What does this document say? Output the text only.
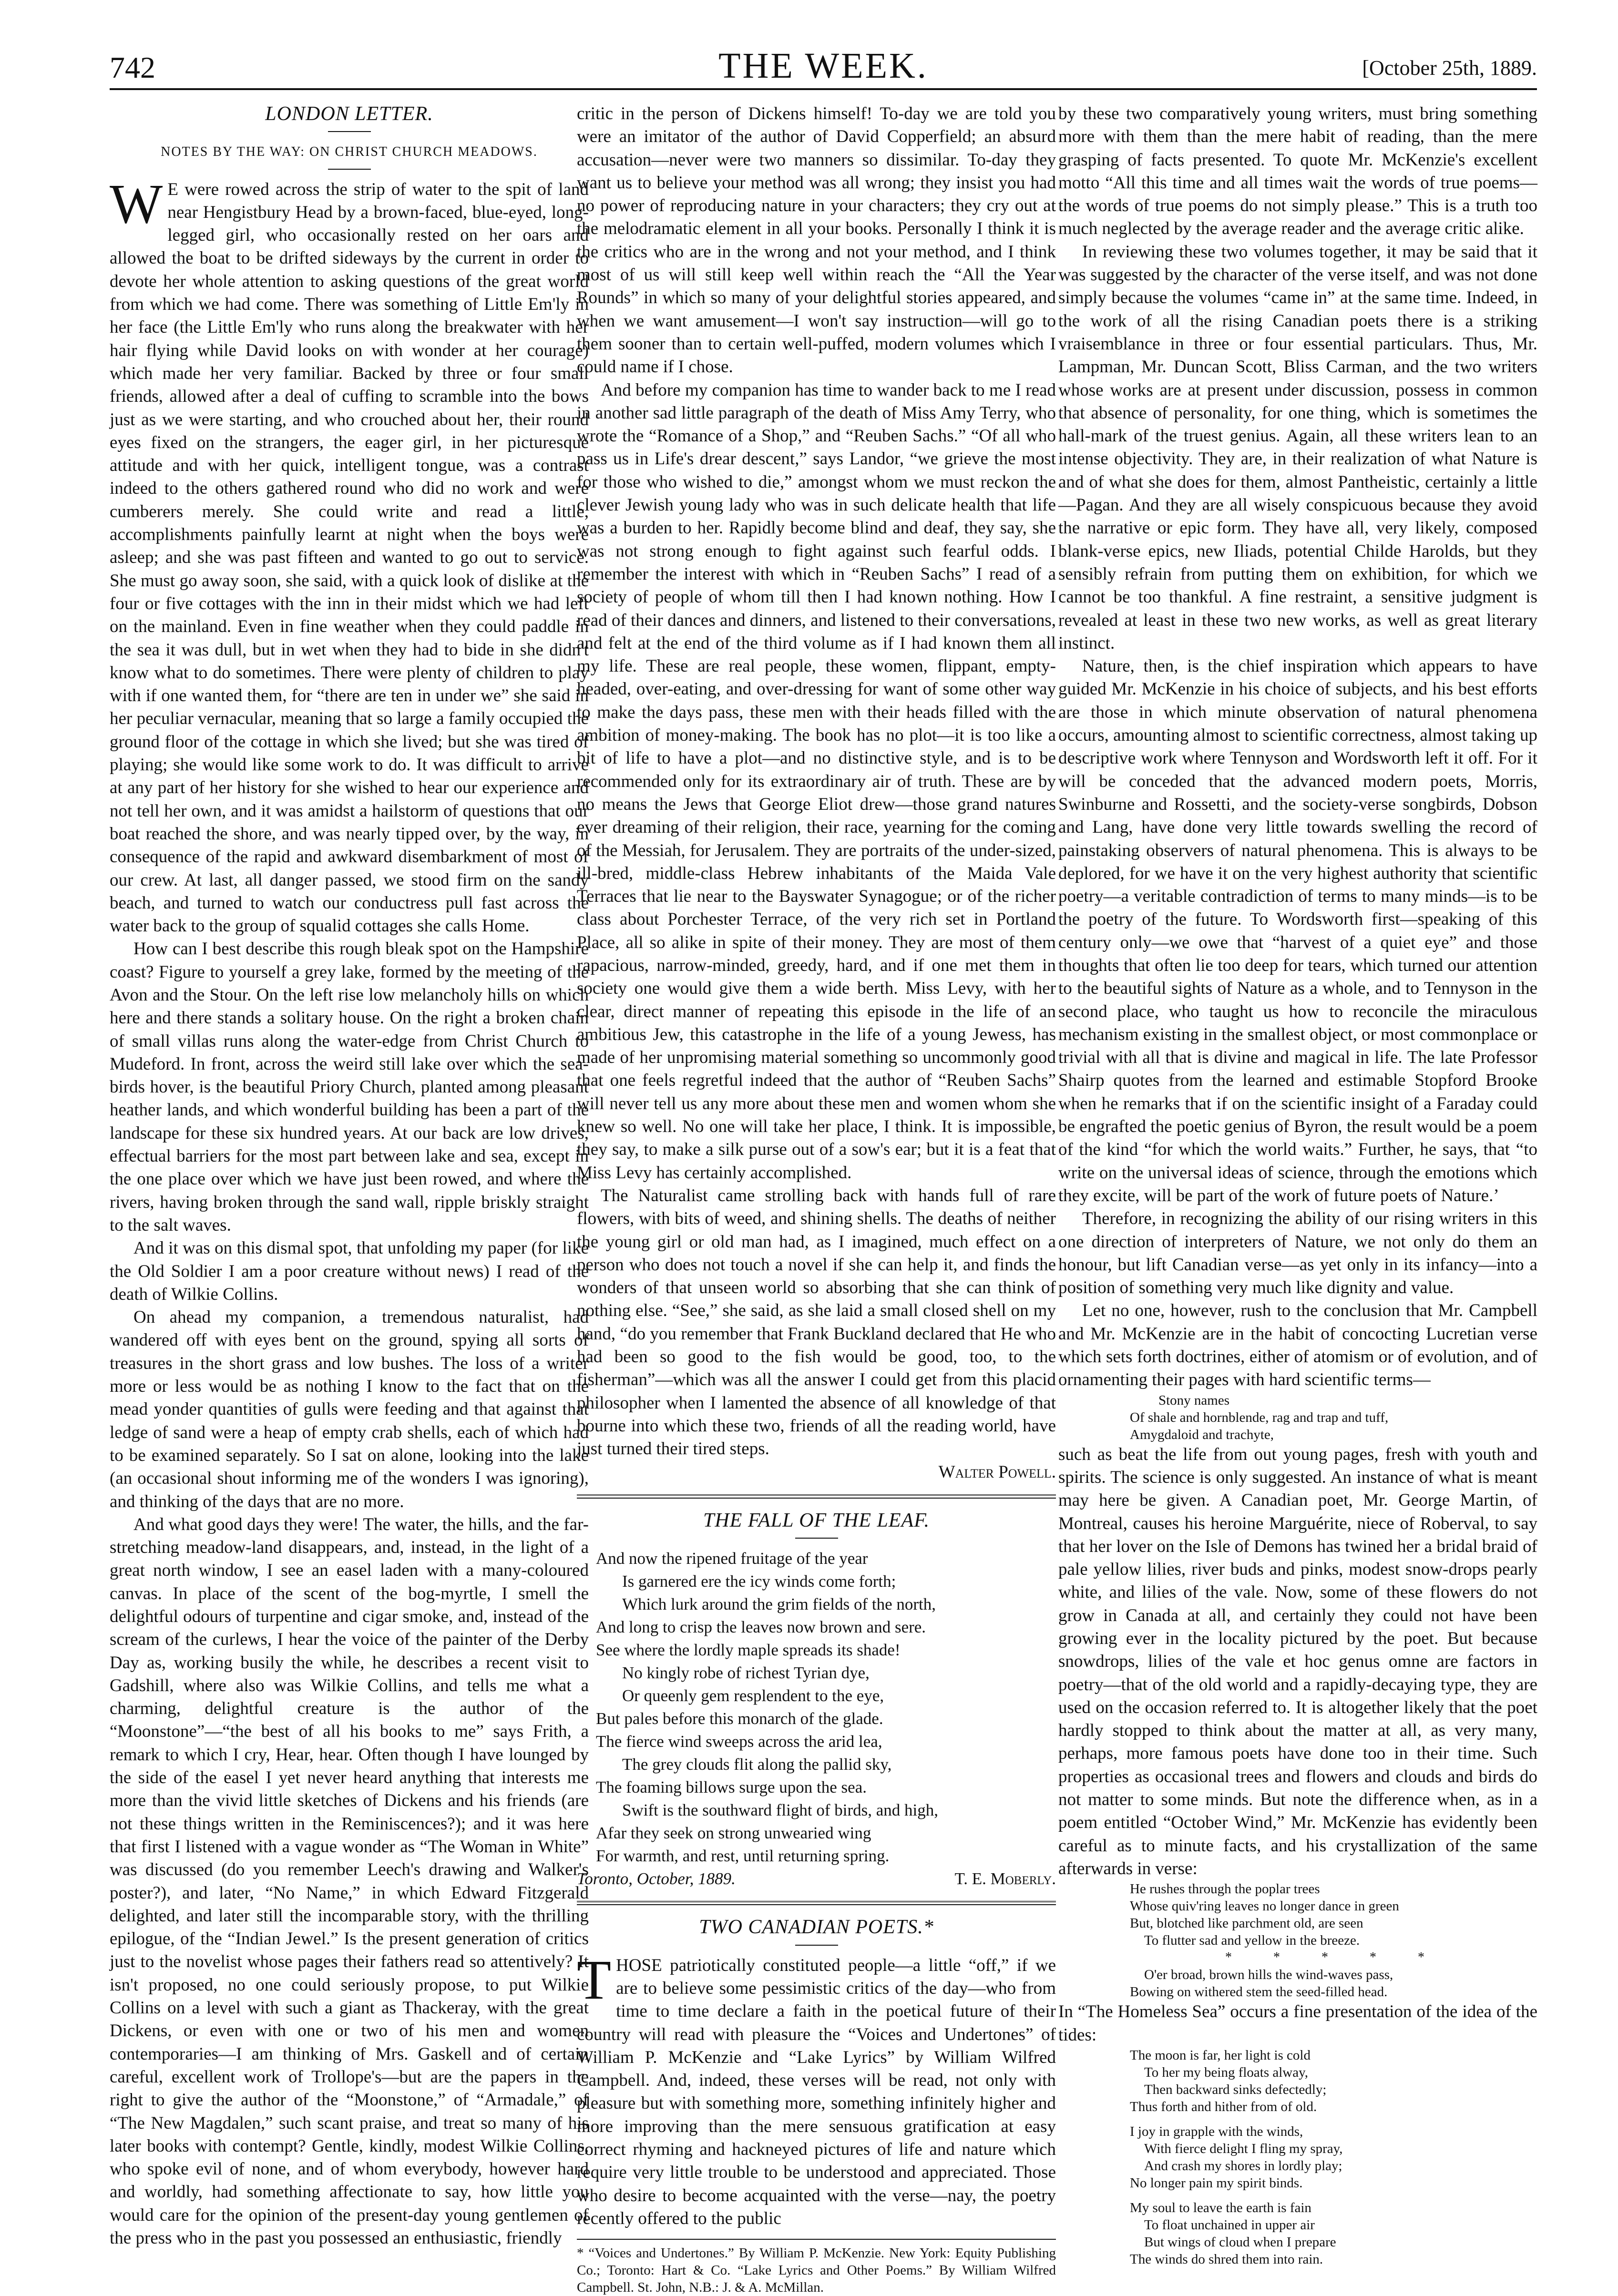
742	THE WEEK.	[October 25th, 1889.
LONDON LETTER.
NOTES BY THE WAY: ON CHRIST CHURCH MEADOWS.

W E were rowed across the strip of water to the spit of land near Hengistbury Head by a brown-faced, blue-eyed, long-legged girl, who occasionally rested on her oars and allowed the boat to be drifted sideways by the current in order to devote her whole attention to asking questions of the great world from which we had come. There was something of Little Em'ly in her face (the Little Em'ly who runs along the breakwater with her hair flying while David looks on with wonder at her courage) which made her very familiar. Backed by three or four small friends, allowed after a deal of cuffing to scramble into the bows just as we were starting, and who crouched about her, their round eyes fixed on the strangers, the eager girl, in her picturesque attitude and with her quick, intelligent tongue, was a contrast indeed to the others gathered round who did no work and were cumberers merely. She could write and read a little, accomplishments painfully learnt at night when the boys were asleep; and she was past fifteen and wanted to go out to service. She must go away soon, she said, with a quick look of dislike at the four or five cottages with the inn in their midst which we had left on the mainland. Even in fine weather when they could paddle in the sea it was dull, but in wet when they had to bide in she didn't know what to do sometimes. There were plenty of children to play with if one wanted them, for “there are ten in under we” she said in her peculiar vernacular, meaning that so large a family occupied the ground floor of the cottage in which she lived; but she was tired of playing; she would like some work to do. It was difficult to arrive at any part of her history for she wished to hear our experience and not tell her own, and it was amidst a hailstorm of questions that our boat reached the shore, and was nearly tipped over, by the way, in consequence of the rapid and awkward disembarkment of most of our crew. At last, all danger passed, we stood firm on the sandy beach, and turned to watch our conductress pull fast across the water back to the group of squalid cottages she calls Home.

How can I best describe this rough bleak spot on the Hampshire coast? Figure to yourself a grey lake, formed by the meeting of the Avon and the Stour. On the left rise low melancholy hills on which here and there stands a solitary house. On the right a broken chain of small villas runs along the water-edge from Christ Church to Mudeford. In front, across the weird still lake over which the sea-birds hover, is the beautiful Priory Church, planted among pleasant heather lands, and which wonderful building has been a part of the landscape for these six hundred years. At our back are low drives, effectual barriers for the most part between lake and sea, except in the one place over which we have just been rowed, and where the rivers, having broken through the sand wall, ripple briskly straight to the salt waves.

And it was on this dismal spot, that unfolding my paper (for like the Old Soldier I am a poor creature without news) I read of the death of Wilkie Collins.

On ahead my companion, a tremendous naturalist, had wandered off with eyes bent on the ground, spying all sorts of treasures in the short grass and low bushes. The loss of a writer more or less would be as nothing I know to the fact that on the mead yonder quantities of gulls were feeding and that against that ledge of sand were a heap of empty crab shells, each of which had to be examined separately. So I sat on alone, looking into the lake (an occasional shout informing me of the wonders I was ignoring), and thinking of the days that are no more.

And what good days they were! The water, the hills, and the far-stretching meadow-land disappears, and, instead, in the light of a great north window, I see an easel laden with a many-coloured canvas. In place of the scent of the bog-myrtle, I smell the delightful odours of turpentine and cigar smoke, and, instead of the scream of the curlews, I hear the voice of the painter of the Derby Day as, working busily the while, he describes a recent visit to Gadshill, where also was Wilkie Collins, and tells me what a charming, delightful creature is the author of the “Moonstone”—“the best of all his books to me” says Frith, a remark to which I cry, Hear, hear. Often though I have lounged by the side of the easel I yet never heard anything that interests me more than the vivid little sketches of Dickens and his friends (are not these things written in the Reminiscences?); and it was here that first I listened with a vague wonder as “The Woman in White” was discussed (do you remember Leech's drawing and Walker's poster?), and later, “No Name,” in which Edward Fitzgerald delighted, and later still the incomparable story, with the thrilling epilogue, of the “Indian Jewel.” Is the present generation of critics just to the novelist whose pages their fathers read so attentively? It isn't proposed, no one could seriously propose, to put Wilkie Collins on a level with such a giant as Thackeray, with the great Dickens, or even with one or two of his men and women contemporaries—I am thinking of Mrs. Gaskell and of certain careful, excellent work of Trollope's—but are the papers in the right to give the author of the “Moonstone,” of “Armadale,” of “The New Magdalen,” such scant praise, and treat so many of his later books with contempt? Gentle, kindly, modest Wilkie Collins, who spoke evil of none, and of whom everybody, however hard and worldly, had something affectionate to say, how little you would care for the opinion of the present-day young gentlemen of the press who in the past you possessed an enthusiastic, friendly

critic in the person of Dickens himself! To-day we are told you were an imitator of the author of David Copperfield; an absurd accusation—never were two manners so dissimilar. To-day they want us to believe your method was all wrong; they insist you had no power of reproducing nature in your characters; they cry out at the melodramatic element in all your books. Personally I think it is the critics who are in the wrong and not your method, and I think most of us will still keep well within reach the “All the Year Rounds” in which so many of your delightful stories appeared, and when we want amusement—I won't say instruction—will go to them sooner than to certain well-puffed, modern volumes which I could name if I chose.

And before my companion has time to wander back to me I read in another sad little paragraph of the death of Miss Amy Terry, who wrote the “Romance of a Shop,” and “Reuben Sachs.” “Of all who pass us in Life's drear descent,” says Landor, “we grieve the most for those who wished to die,” amongst whom we must reckon the clever Jewish young lady who was in such delicate health that life was a burden to her. Rapidly become blind and deaf, they say, she was not strong enough to fight against such fearful odds. I remember the interest with which in “Reuben Sachs” I read of a society of people of whom till then I had known nothing. How I read of their dances and dinners, and listened to their conversations, and felt at the end of the third volume as if I had known them all my life. These are real people, these women, flippant, empty-headed, over-eating, and over-dressing for want of some other way to make the days pass, these men with their heads filled with the ambition of money-making. The book has no plot—it is too like a bit of life to have a plot—and no distinctive style, and is to be recommended only for its extraordinary air of truth. These are by no means the Jews that George Eliot drew—those grand natures ever dreaming of their religion, their race, yearning for the coming of the Messiah, for Jerusalem. They are portraits of the under-sized, ill-bred, middle-class Hebrew inhabitants of the Maida Vale Terraces that lie near to the Bayswater Synagogue; or of the richer class about Porchester Terrace, of the very rich set in Portland Place, all so alike in spite of their money. They are most of them rapacious, narrow-minded, greedy, hard, and if one met them in society one would give them a wide berth. Miss Levy, with her clear, direct manner of repeating this episode in the life of an ambitious Jew, this catastrophe in the life of a young Jewess, has made of her unpromising material something so uncommonly good that one feels regretful indeed that the author of “Reuben Sachs” will never tell us any more about these men and women whom she knew so well. No one will take her place, I think. It is impossible, they say, to make a silk purse out of a sow's ear; but it is a feat that Miss Levy has certainly accomplished.

The Naturalist came strolling back with hands full of rare flowers, with bits of weed, and shining shells. The deaths of neither the young girl or old man had, as I imagined, much effect on a person who does not touch a novel if she can help it, and finds the wonders of that unseen world so absorbing that she can think of nothing else. “See,” she said, as she laid a small closed shell on my hand, “do you remember that Frank Buckland declared that He who had been so good to the fish would be good, too, to the fisherman”—which was all the answer I could get from this placid philosopher when I lamented the absence of all knowledge of that bourne into which these two, friends of all the reading world, have just turned their tired steps.

Walter Powell.
THE FALL OF THE LEAF.
And now the ripened fruitage of the year
Is garnered ere the icy winds come forth;
Which lurk around the grim fields of the north,
And long to crisp the leaves now brown and sere.
See where the lordly maple spreads its shade!
No kingly robe of richest Tyrian dye,
Or queenly gem resplendent to the eye,
But pales before this monarch of the glade.
The fierce wind sweeps across the arid lea,
The grey clouds flit along the pallid sky,
The foaming billows surge upon the sea.
Swift is the southward flight of birds, and high,
Afar they seek on strong unwearied wing
For warmth, and rest, until returning spring.
Toronto, October, 1889.	T. E. Moberly.
TWO CANADIAN POETS.*

THOSE patriotically constituted people—a little “off,” if we are to believe some pessimistic critics of the day—who from time to time declare a faith in the poetical future of their country will read with pleasure the “Voices and Undertones” of William P. McKenzie and “Lake Lyrics” by William Wilfred Campbell. And, indeed, these verses will be read, not only with pleasure but with something more, something infinitely higher and more improving than the mere sensuous gratification at easy correct rhyming and hackneyed pictures of life and nature which require very little trouble to be understood and appreciated. Those who desire to become acquainted with the verse—nay, the poetry recently offered to the public

* “Voices and Undertones.” By William P. McKenzie. New York: Equity Publishing Co.; Toronto: Hart & Co. “Lake Lyrics and Other Poems.” By William Wilfred Campbell. St. John, N.B.: J. & A. McMillan.

by these two comparatively young writers, must bring something more with them than the mere habit of reading, than the mere grasping of facts presented. To quote Mr. McKenzie's excellent motto “All this time and all times wait the words of true poems—the words of true poems do not simply please.” This is a truth too much neglected by the average reader and the average critic alike.

In reviewing these two volumes together, it may be said that it was suggested by the character of the verse itself, and was not done simply because the volumes “came in” at the same time. Indeed, in the work of all the rising Canadian poets there is a striking vraisemblance in three or four essential particulars. Thus, Mr. Lampman, Mr. Duncan Scott, Bliss Carman, and the two writers whose works are at present under discussion, possess in common that absence of personality, for one thing, which is sometimes the hall-mark of the truest genius. Again, all these writers lean to an intense objectivity. They are, in their realization of what Nature is and of what she does for them, almost Pantheistic, certainly a little—Pagan. And they are all wisely conspicuous because they avoid the narrative or epic form. They have all, very likely, composed blank-verse epics, new Iliads, potential Childe Harolds, but they sensibly refrain from putting them on exhibition, for which we cannot be too thankful. A fine restraint, a sensitive judgment is revealed at least in these two new works, as well as great literary instinct.

Nature, then, is the chief inspiration which appears to have guided Mr. McKenzie in his choice of subjects, and his best efforts are those in which minute observation of natural phenomena occurs, amounting almost to scientific correctness, almost taking up descriptive work where Tennyson and Wordsworth left it off. For it will be conceded that the advanced modern poets, Morris, Swinburne and Rossetti, and the society-verse songbirds, Dobson and Lang, have done very little towards swelling the record of painstaking observers of natural phenomena. This is always to be deplored, for we have it on the very highest authority that scientific poetry—a veritable contradiction of terms to many minds—is to be the poetry of the future. To Wordsworth first—speaking of this century only—we owe that “harvest of a quiet eye” and those thoughts that often lie too deep for tears, which turned our attention to the beautiful sights of Nature as a whole, and to Tennyson in the second place, who taught us how to reconcile the miraculous mechanism existing in the smallest object, or most commonplace or trivial with all that is divine and magical in life. The late Professor Shairp quotes from the learned and estimable Stopford Brooke when he remarks that if on the scientific insight of a Faraday could be engrafted the poetic genius of Byron, the result would be a poem of the kind “for which the world waits.” Further, he says, that “to write on the universal ideas of science, through the emotions which they excite, will be part of the work of future poets of Nature.’

Therefore, in recognizing the ability of our rising writers in this one direction of interpreters of Nature, we not only do them an honour, but lift Canadian verse—as yet only in its infancy—into a position of something very much like dignity and value.

Let no one, however, rush to the conclusion that Mr. Campbell and Mr. McKenzie are in the habit of concocting Lucretian verse which sets forth doctrines, either of atomism or of evolution, and of ornamenting their pages with hard scientific terms—

Stony names
Of shale and hornblende, rag and trap and tuff,
Amygdaloid and trachyte,

such as beat the life from out young pages, fresh with youth and spirits. The science is only suggested. An instance of what is meant may here be given. A Canadian poet, Mr. George Martin, of Montreal, causes his heroine Marguérite, niece of Roberval, to say that her lover on the Isle of Demons has twined her a bridal braid of pale yellow lilies, river buds and pinks, modest snow-drops pearly white, and lilies of the vale. Now, some of these flowers do not grow in Canada at all, and certainly they could not have been growing ever in the locality pictured by the poet. But because snowdrops, lilies of the vale et hoc genus omne are factors in poetry—that of the old world and a rapidly-decaying type, they are used on the occasion referred to. It is altogether likely that the poet hardly stopped to think about the matter at all, as very many, perhaps, more famous poets have done too in their time. Such properties as occasional trees and flowers and clouds and birds do not matter to some minds. But note the difference when, as in a poem entitled “October Wind,” Mr. McKenzie has evidently been careful as to minute facts, and his crystallization of the same afterwards in verse:

He rushes through the poplar trees
Whose quiv'ring leaves no longer dance in green
But, blotched like parchment old, are seen
To flutter sad and yellow in the breeze.
* * * * *
O'er broad, brown hills the wind-waves pass,
Bowing on withered stem the seed-filled head.

In “The Homeless Sea” occurs a fine presentation of the idea of the tides:

The moon is far, her light is cold
To her my being floats alway,
Then backward sinks defectedly;
Thus forth and hither from of old.
I joy in grapple with the winds,
With fierce delight I fling my spray,
And crash my shores in lordly play;
No longer pain my spirit binds.
My soul to leave the earth is fain
To float unchained in upper air
But wings of cloud when I prepare
The winds do shred them into rain.
